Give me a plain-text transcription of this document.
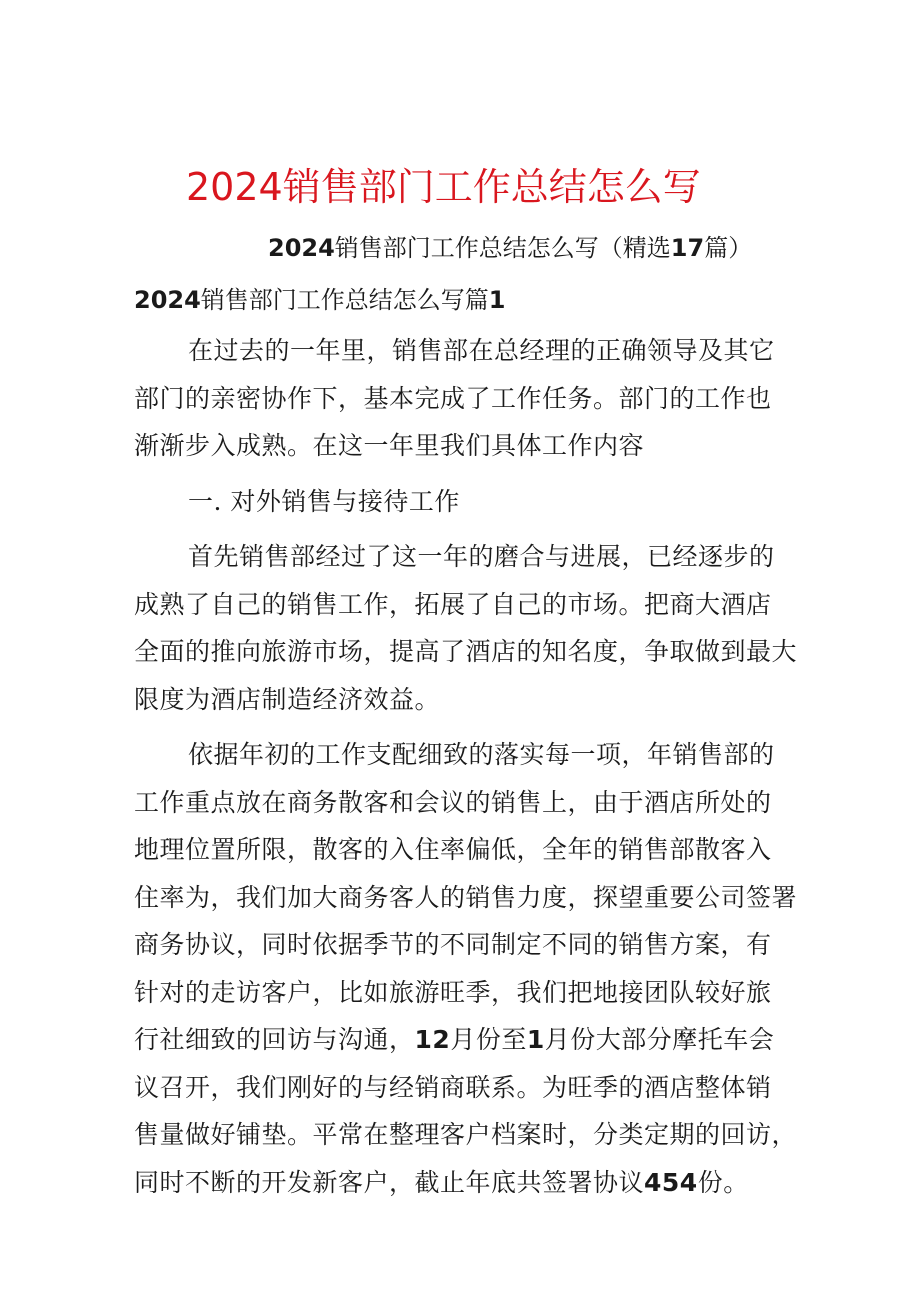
2024销售部门工作总结怎么写
2024销售部门工作总结怎么写（精选17篇）
2024销售部门工作总结怎么写篇1

在过去的一年里，销售部在总经理的正确领导及其它
部门的亲密协作下，基本完成了工作任务。部门的工作也
渐渐步入成熟。在这一年里我们具体工作内容

一. 对外销售与接待工作

首先销售部经过了这一年的磨合与进展，已经逐步的
成熟了自己的销售工作，拓展了自己的市场。把商大酒店
全面的推向旅游市场，提高了酒店的知名度，争取做到最大
限度为酒店制造经济效益。

依据年初的工作支配细致的落实每一项，年销售部的
工作重点放在商务散客和会议的销售上，由于酒店所处的
地理位置所限，散客的入住率偏低，全年的销售部散客入
住率为，我们加大商务客人的销售力度，探望重要公司签署
商务协议，同时依据季节的不同制定不同的销售方案，有
针对的走访客户，比如旅游旺季，我们把地接团队较好旅
行社细致的回访与沟通，12月份至1月份大部分摩托车会
议召开，我们刚好的与经销商联系。为旺季的酒店整体销
售量做好铺垫。平常在整理客户档案时，分类定期的回访，
同时不断的开发新客户，截止年底共签署协议454份。
